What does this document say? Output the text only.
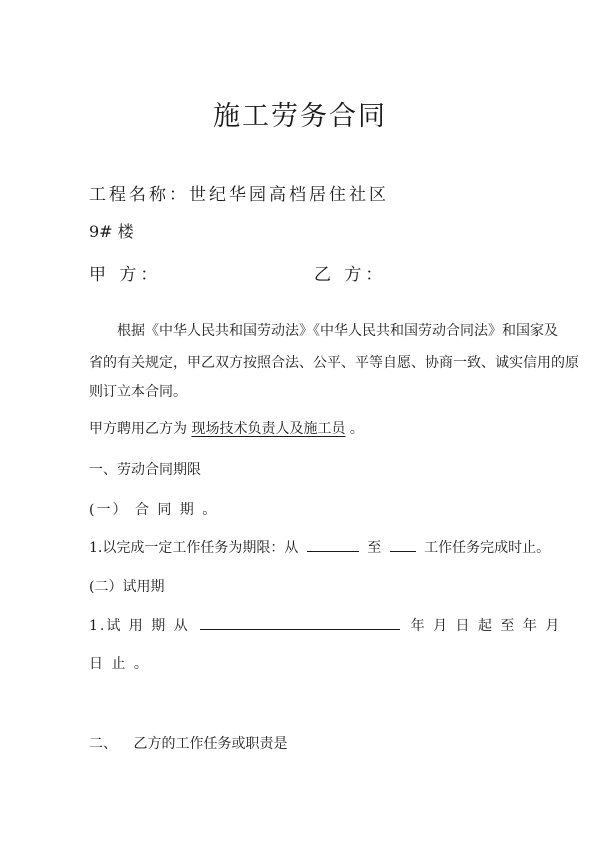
施工劳务合同
工程名称：世纪华园高档居住社区
9# 楼
甲 方：	乙 方：
根据《中华人民共和国劳动法》《中华人民共和国劳动合同法》和国家及
省的有关规定，甲乙双方按照合法、公平、平等自愿、协商一致、诚实信用的原
则订立本合同。
甲方聘用乙方为 现场技术负责人及施工员 。
一、劳动合同期限
(一） 合 同 期 。
1.以完成一定工作任务为期限：从	至	工作任务完成时止。
(二）试用期
1.试 用 期 从	年 月 日 起 至 年 月
日 止 。
二、 乙方的工作任务或职责是
